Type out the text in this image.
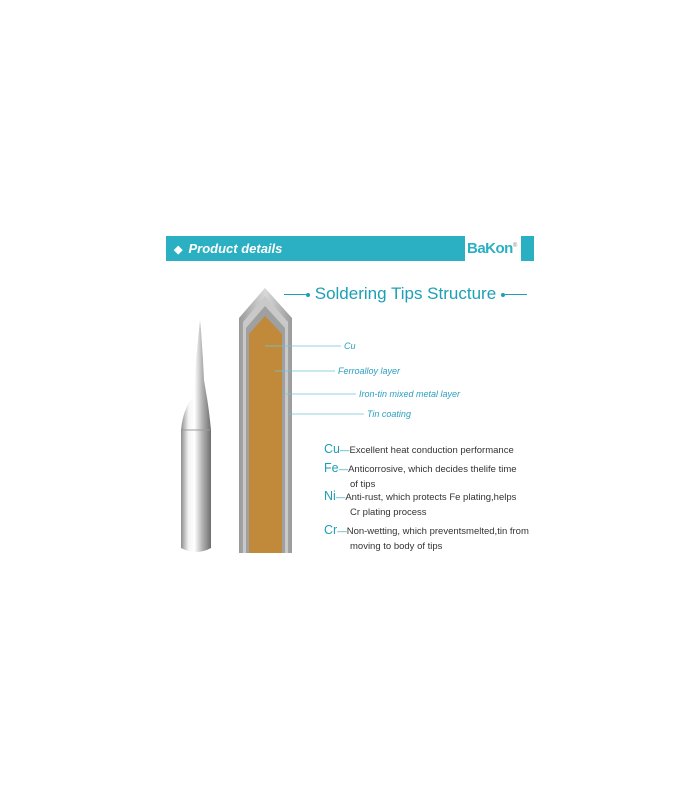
◆ Product details	BaKon®
Soldering Tips Structure
Cu
Ferroalloy layer
Iron-tin mixed metal layer
Tin coating
Cu—Excellent heat conduction performance
Fe—Anticorrosive, which decides thelife time
of tips
Ni—Anti-rust, which protects Fe plating,helps
Cr plating process
Cr—Non-wetting, which preventsmelted,tin from
moving to body of tips
